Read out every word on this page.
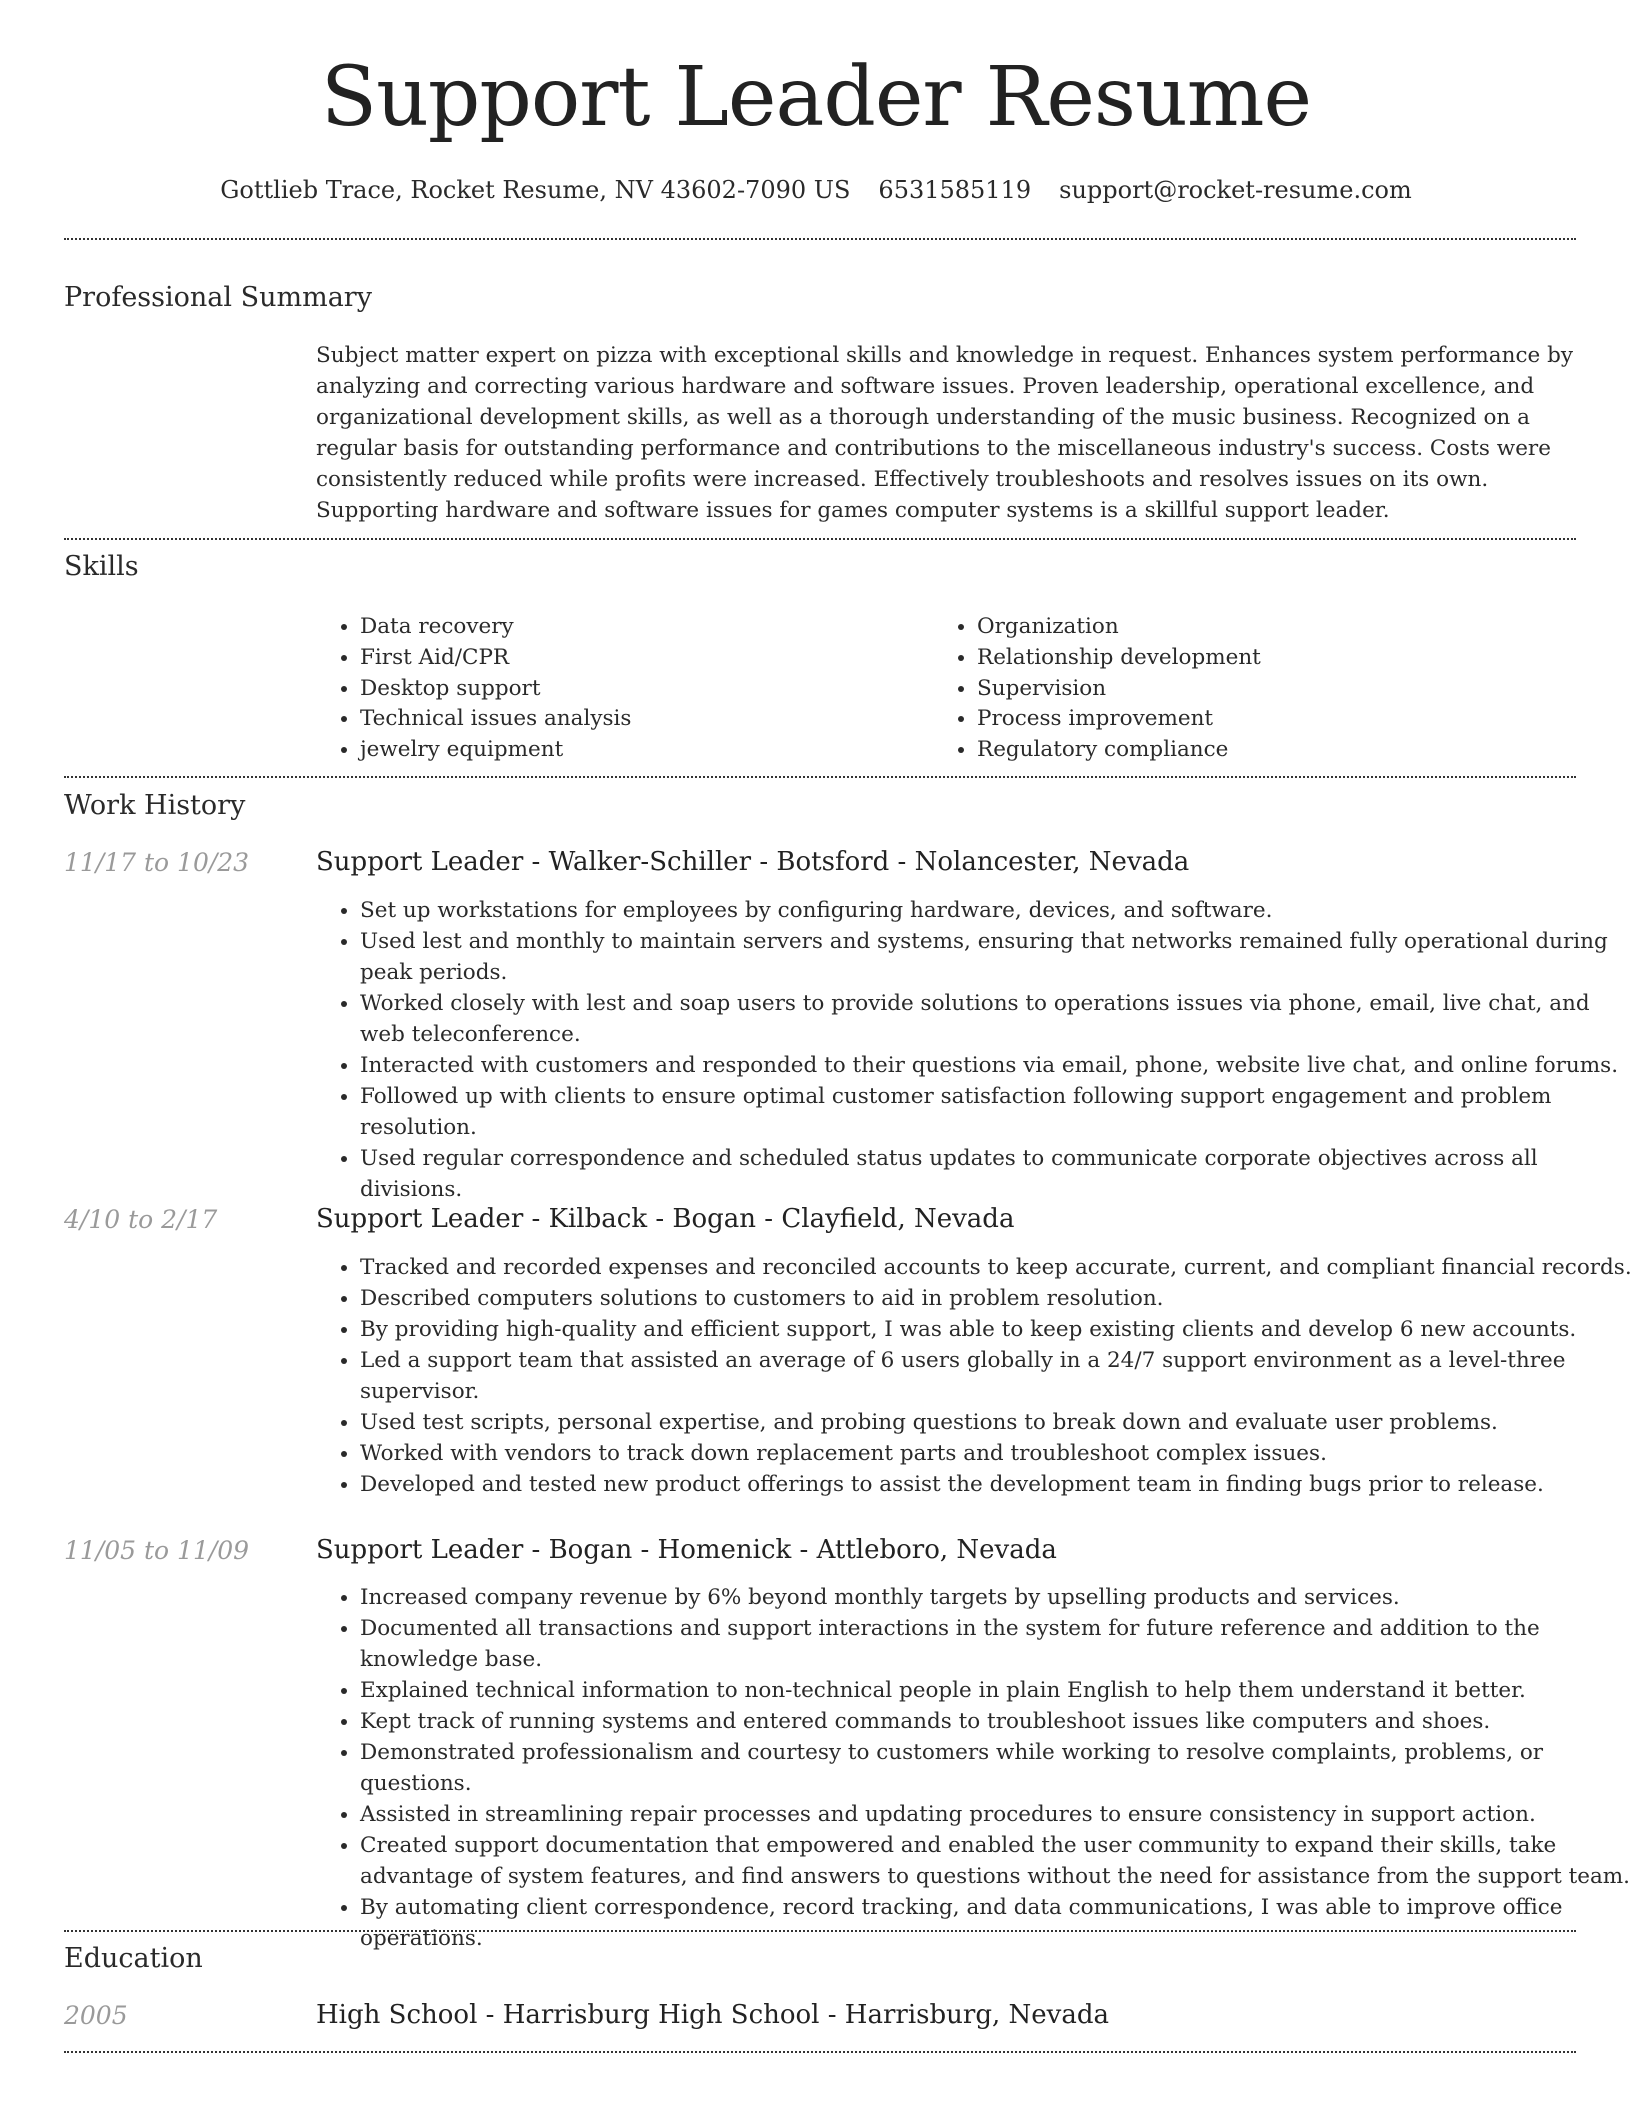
Support Leader Resume
Gottlieb Trace, Rocket Resume, NV 43602-7090 US 6531585119 support@rocket-resume.com
Professional Summary

Subject matter expert on pizza with exceptional skills and knowledge in request. Enhances system performance by analyzing and correcting various hardware and software issues. Proven leadership, operational excellence, and organizational development skills, as well as a thorough understanding of the music business. Recognized on a regular basis for outstanding performance and contributions to the miscellaneous industry's success. Costs were consistently reduced while profits were increased. Effectively troubleshoots and resolves issues on its own. Supporting hardware and software issues for games computer systems is a skillful support leader.

Skills
• Data recovery
• First Aid/CPR
• Desktop support
• Technical issues analysis
• jewelry equipment
• Organization
• Relationship development
• Supervision
• Process improvement
• Regulatory compliance
Work History
11/17 to 10/23	Support Leader - Walker-Schiller - Botsford - Nolancester, Nevada
• Set up workstations for employees by configuring hardware, devices, and software.
• Used lest and monthly to maintain servers and systems, ensuring that networks remained fully operational during peak periods.
• Worked closely with lest and soap users to provide solutions to operations issues via phone, email, live chat, and web teleconference.
• Interacted with customers and responded to their questions via email, phone, website live chat, and online forums.
• Followed up with clients to ensure optimal customer satisfaction following support engagement and problem resolution.
• Used regular correspondence and scheduled status updates to communicate corporate objectives across all divisions.
4/10 to 2/17	Support Leader - Kilback - Bogan - Clayfield, Nevada
• Tracked and recorded expenses and reconciled accounts to keep accurate, current, and compliant financial records.
• Described computers solutions to customers to aid in problem resolution.
• By providing high-quality and efficient support, I was able to keep existing clients and develop 6 new accounts.
• Led a support team that assisted an average of 6 users globally in a 24/7 support environment as a level-three supervisor.
• Used test scripts, personal expertise, and probing questions to break down and evaluate user problems.
• Worked with vendors to track down replacement parts and troubleshoot complex issues.
• Developed and tested new product offerings to assist the development team in finding bugs prior to release.
11/05 to 11/09	Support Leader - Bogan - Homenick - Attleboro, Nevada
• Increased company revenue by 6% beyond monthly targets by upselling products and services.
• Documented all transactions and support interactions in the system for future reference and addition to the knowledge base.
• Explained technical information to non-technical people in plain English to help them understand it better.
• Kept track of running systems and entered commands to troubleshoot issues like computers and shoes.
• Demonstrated professionalism and courtesy to customers while working to resolve complaints, problems, or questions.
• Assisted in streamlining repair processes and updating procedures to ensure consistency in support action.
• Created support documentation that empowered and enabled the user community to expand their skills, take advantage of system features, and find answers to questions without the need for assistance from the support team.
• By automating client correspondence, record tracking, and data communications, I was able to improve office operations.
Education
2005	High School - Harrisburg High School - Harrisburg, Nevada
